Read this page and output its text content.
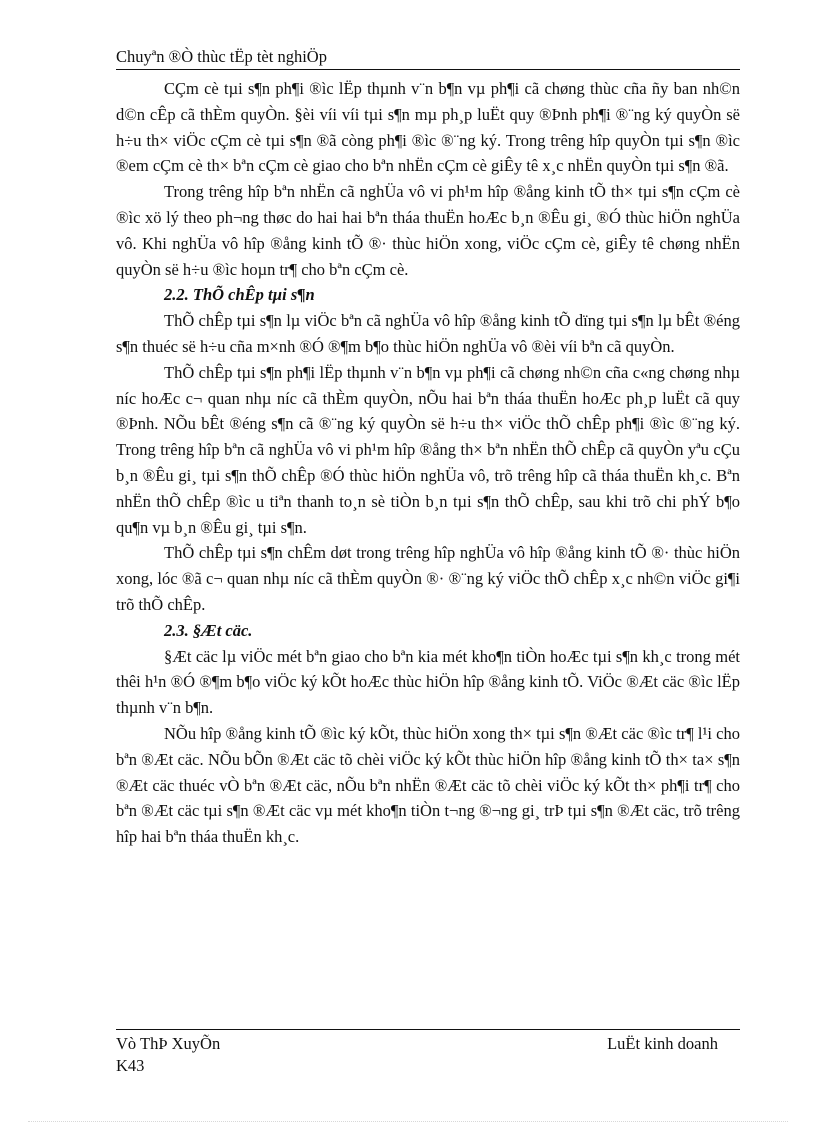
Chuyªn ®Ò thùc tËp tèt nghiÖp

CÇm cè tµi s¶n ph¶i ®ìc lËp thµnh v¨n b¶n vµ ph¶i cã chøng thùc cña ñy ban nh©n d©n cÊp cã thÈm quyÒn. §èi víi víi tµi s¶n mµ ph¸p luËt quy ®Þnh ph¶i ®¨ng ký quyÒn së h÷u th× viÖc cÇm cè tµi s¶n ®ã còng ph¶i ®ìc ®¨ng ký. Trong trêng hîp quyÒn tµi s¶n ®ìc ®em cÇm cè th× bªn cÇm cè giao cho bªn nhËn cÇm cè giÊy tê x¸c nhËn quyÒn tµi s¶n ®ã.

Trong trêng hîp bªn nhËn cã nghÜa vô vi ph¹m hîp ®ång kinh tÕ th× tµi s¶n cÇm cè ®ìc xö lý theo ph¬ng thøc do hai hai bªn tháa thuËn hoÆc b¸n ®Êu gi¸ ®Ó thùc hiÖn nghÜa vô. Khi nghÜa vô hîp ®ång kinh tÕ ®· thùc hiÖn xong, viÖc cÇm cè, giÊy tê chøng nhËn quyÒn së h÷u ®ìc hoµn tr¶ cho bªn cÇm cè.

2.2. ThÕ chÊp tµi s¶n

ThÕ chÊp tµi s¶n lµ viÖc bªn cã nghÜa vô hîp ®ång kinh tÕ dïng tµi s¶n lµ bÊt ®éng s¶n thuéc së h÷u cña m×nh ®Ó ®¶m b¶o thùc hiÖn nghÜa vô ®èi víi bªn cã quyÒn.

ThÕ chÊp tµi s¶n ph¶i lËp thµnh v¨n b¶n vµ ph¶i cã chøng nh©n cña c«ng chøng nhµ níc hoÆc c¬ quan nhµ níc cã thÈm quyÒn, nÕu hai bªn tháa thuËn hoÆc ph¸p luËt cã quy ®Þnh. NÕu bÊt ®éng s¶n cã ®¨ng ký quyÒn së h÷u th× viÖc thÕ chÊp ph¶i ®ìc ®¨ng ký. Trong trêng hîp bªn cã nghÜa vô vi ph¹m hîp ®ång th× bªn nhËn thÕ chÊp cã quyÒn yªu cÇu b¸n ®Êu gi¸ tµi s¶n thÕ chÊp ®Ó thùc hiÖn nghÜa vô, trõ trêng hîp cã tháa thuËn kh¸c. Bªn nhËn thÕ chÊp ®ìc u tiªn thanh to¸n sè tiÒn b¸n tµi s¶n thÕ chÊp, sau khi trõ chi phÝ b¶o qu¶n vµ b¸n ®Êu gi¸ tµi s¶n.

ThÕ chÊp tµi s¶n chÊm døt trong trêng hîp nghÜa vô hîp ®ång kinh tÕ ®· thùc hiÖn xong, lóc ®ã c¬ quan nhµ níc cã thÈm quyÒn ®· ®¨ng ký viÖc thÕ chÊp x¸c nh©n viÖc gi¶i trõ thÕ chÊp.

2.3. §Æt cäc.

§Æt cäc lµ viÖc mét bªn giao cho bªn kia mét kho¶n tiÒn hoÆc tµi s¶n kh¸c trong mét thêi h¹n ®Ó ®¶m b¶o viÖc ký kÕt hoÆc thùc hiÖn hîp ®ång kinh tÕ. ViÖc ®Æt cäc ®ìc lËp thµnh v¨n b¶n.

NÕu hîp ®ång kinh tÕ ®ìc ký kÕt, thùc hiÖn xong th× tµi s¶n ®Æt cäc ®ìc tr¶ l¹i cho bªn ®Æt cäc. NÕu bÕn ®Æt cäc tõ chèi viÖc ký kÕt thùc hiÖn hîp ®ång kinh tÕ th× ta× s¶n ®Æt cäc thuéc vÒ bªn ®Æt cäc, nÕu bªn nhËn ®Æt cäc tõ chèi viÖc ký kÕt th× ph¶i tr¶ cho bªn ®Æt cäc tµi s¶n ®Æt cäc vµ mét kho¶n tiÒn t¬ng ®¬ng gi¸ trÞ tµi s¶n ®Æt cäc, trõ trêng hîp hai bªn tháa thuËn kh¸c.

Vò ThÞ XuyÕn
K43
LuËt kinh doanh
